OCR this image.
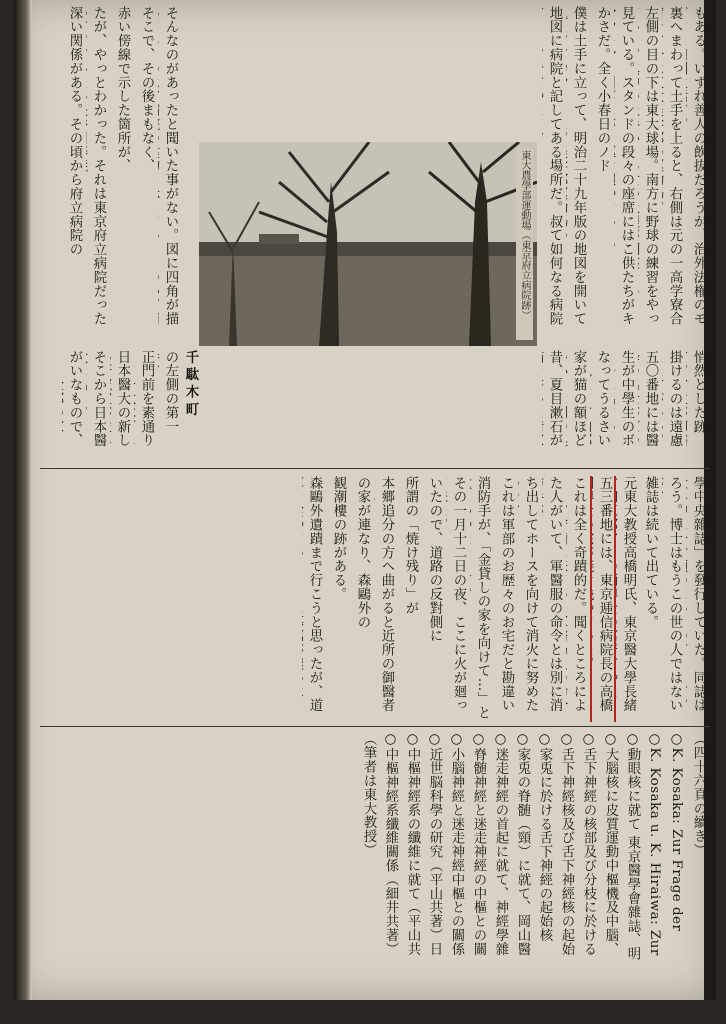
もある。いずれ善人の飲抜だろうが、治外法権のモ
裏へまわって土手を上ると、右側は元の一高学寮合
左側の目の下は東大球場。南方に野球の練習をやっ
見ている。スタンドの段々の座席にはこ供たちがキ
かさだ。全く小春日のノド
僕は土手に立って、明治二十九年版の地図を開いて
地図に病院と記してある場所だ。叔て如何なる病院
そんなのがあったと聞いた事がない。図に四角が描
そこで、その後まもなく、
赤い傍線で示した箇所が、
たが、やっとわかった。それは東京府立病院だった
深い関係がある。その頃から府立病院の	東大農學部運動場（東京府立病院跡）
悄然とした跡
掛けるのは遠慮
五〇番地には醫
生が中學生のボ
なってうるさい
家が猫の額ほど
昔、夏目漱石が
の左側の第一
正門前を素通り
日本醫大の新し
そこから日本醫
がいなもので、
千駄木町
學中央雜誌」を發行していた。同誌は
ろう。博士はもうこの世の人ではない
雑誌は続いて出ている。
元東大教授高橋明氏、東京醫大學長緒
五三番地には、東京逓信病院長の高橋
これは全く奇蹟的だ。聞くところによ
た人がいて、軍醫服の命令とは別に消
ち出してホースを向けて消火に努めた
これは軍部のお歴々のお宅だと勘違い
消防手が、「金貸しの家を向けて…」と
その一月十二日の夜、ここに火が廻っ
いたので、道路の反對側に
所謂の「焼け残り」が
本郷追分の方へ曲がると近所の御醫者
の家が連なり、森鷗外の
観潮樓の跡がある。
森鷗外遺蹟まで行こうと思ったが、道
（四十六頁の續き）
○K. Kosaka: Zur Frage der
○K. Kosaka u. K. Hiraiwa: Zur
○動眼核に就て 東京醫學會雜誌、明
○大腦核に皮質運動中樞機及中腦、
○舌下神經の核部及び分枝に於ける
○舌下神經核及び舌下神經核の起始
○家兎に於ける舌下神經の起始核
○家兎の脊髄（頸）に就て、岡山醫
○迷走神經の首起に就て、神經學雜
○脊髄神經と迷走神經の中樞との關
○小腦神經と迷走神經中樞との關係
○近世脳科學の研究（平山共著）日
○中樞神經系の纖維に就て（平山共
○中樞神經系纖維關係（細井共著）
（筆者は東大教授）
